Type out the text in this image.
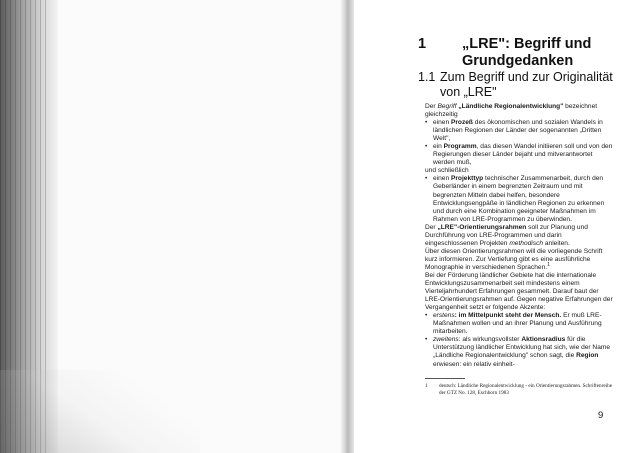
1 „LRE": Begriff und Grundgedanken
1.1 Zum Begriff und zur Originalität von „LRE"

Der Begriff „Ländliche Regionalentwicklung" bezeichnet gleichzeitig

• einen Prozeß des ökonomischen und sozialen Wandels in ländlichen Regionen der Länder der sogenannten „Dritten Welt",
• ein Programm, das diesen Wandel initiieren soll und von den Regierungen dieser Länder bejaht und mitverantwortet werden muß,

und schließlich

• einen Projekttyp technischer Zusammenarbeit, durch den Geberländer in einem begrenzten Zeitraum und mit begrenzten Mitteln dabei helfen, besondere Entwicklungsengpäße in ländlichen Regionen zu erkennen und durch eine Kombination geeigneter Maßnahmen im Rahmen von LRE-Programmen zu überwinden.

Der „LRE"-Orientierungsrahmen soll zur Planung und Durchführung von LRE-Programmen und darin eingeschlossenen Projekten methodisch anleiten.

Über diesen Orientierungsrahmen will die vorliegende Schrift kurz informieren. Zur Vertiefung gibt es eine ausführliche Monographie in verschiedenen Sprachen.$^1$

Bei der Förderung ländlicher Gebiete hat die internationale Entwicklungszusammenarbeit seit mindestens einem Vierteljahrhundert Erfahrungen gesammelt. Darauf baut der LRE-Orientierungsrahmen auf. Gegen negative Erfahrungen der Vergangenheit setzt er folgende Akzente:

• erstens: im Mittelpunkt steht der Mensch. Er muß LRE-Maßnahmen wollen und an ihrer Planung und Ausführung mitarbeiten.
• zweitens: als wirkungsvollster Aktionsradius für die Unterstützung ländlicher Entwicklung hat sich, wie der Name „Ländliche Regionalentwicklung" schon sagt, die Region erwiesen: ein relativ einheit-
1	deutsch: Ländliche Regionalentwicklung - ein Orientierungsrahmen. Schriftenreihe der GTZ No. 128, Eschborn 1983
9
